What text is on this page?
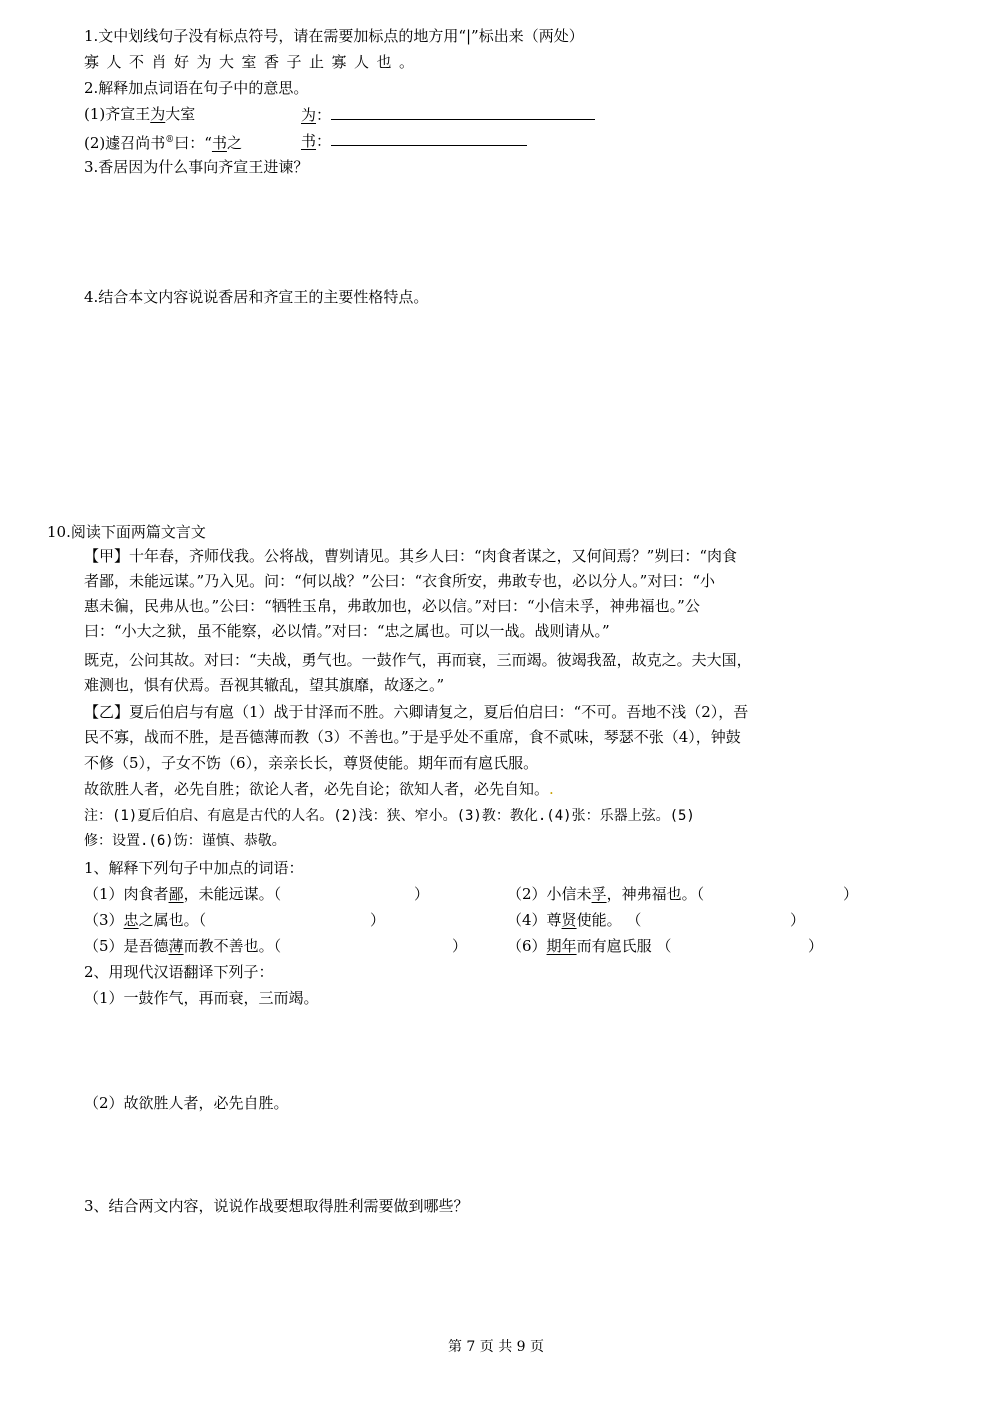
1.文中划线句子没有标点符号，请在需要加标点的地方用“|”标出来（两处）
寡人不肖好为大室香子止寡人也。
2.解释加点词语在句子中的意思。
(1)齐宣王为大室	为：
(2)遽召尚书®曰：“书之	书：
3.香居因为什么事向齐宣王进谏？
4.结合本文内容说说香居和齐宣王的主要性格特点。
10.阅读下面两篇文言文
【甲】十年春，齐师伐我。公将战，曹刿请见。其乡人曰：“肉食者谋之，又何间焉？”刿曰：“肉食
者鄙，未能远谋。”乃入见。问：“何以战？”公曰：“衣食所安，弗敢专也，必以分人。”对曰：“小
惠未徧，民弗从也。”公曰：“牺牲玉帛，弗敢加也，必以信。”对曰：“小信未孚，神弗福也。”公
曰：“小大之狱，虽不能察，必以情。”对曰：“忠之属也。可以一战。战则请从。”
既克，公问其故。对曰：“夫战，勇气也。一鼓作气，再而衰，三而竭。彼竭我盈，故克之。夫大国，
难测也，惧有伏焉。吾视其辙乱，望其旗靡，故逐之。”
【乙】夏后伯启与有扈（1）战于甘泽而不胜。六卿请复之，夏后伯启曰：“不可。吾地不浅（2），吾
民不寡，战而不胜，是吾德薄而教（3）不善也。”于是乎处不重席，食不贰味，琴瑟不张（4），钟鼓
不修（5），子女不饬（6），亲亲长长，尊贤使能。期年而有扈氏服。
故欲胜人者，必先自胜；欲论人者，必先自论；欲知人者，必先自知。.
注：(1)夏后伯启、有扈是古代的人名。(2)浅：狭、窄小。(3)教：教化.(4)张：乐器上弦。(5)
修：设置.(6)饬：谨慎、恭敬。
1、解释下列句子中加点的词语：
（1）肉食者鄙，未能远谋。（	）	（2）小信未孚，神弗福也。（	）
（3）忠之属也。（	）	（4）尊贤使能。 （	）
（5）是吾德薄而教不善也。（	）	（6）期年而有扈氏服 （	）
2、用现代汉语翻译下列子：
（1）一鼓作气，再而衰，三而竭。
（2）故欲胜人者，必先自胜。
3、结合两文内容，说说作战要想取得胜利需要做到哪些？
第 7 页 共 9 页
